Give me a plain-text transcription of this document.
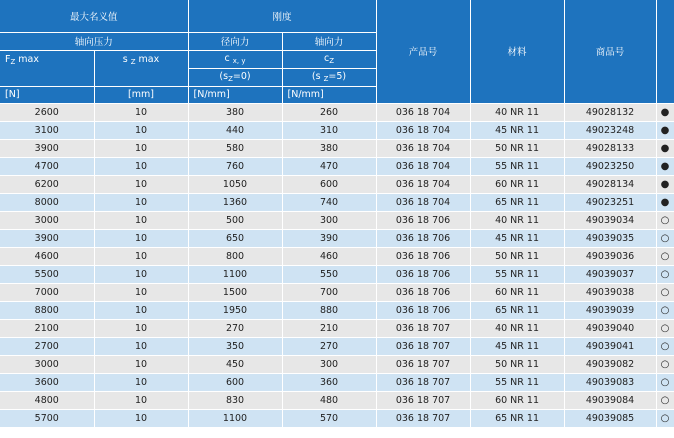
最大名义值		刚度		产品号	材料	商品号	
轴向压力		径向力	轴向力				
$F_Z$ max	s $_Z$ max	c $_{x, y}$	$c_Z$
		$(s_Z=0)$	(s $_Z$=5)				
[N]	[mm]	[N/mm]	[N/mm]				
2600	10	380	260	036 18 704	40 NR 11	49028132	●
3100	10	440	310	036 18 704	45 NR 11	49023248	●
3900	10	580	380	036 18 704	50 NR 11	49028133	●
4700	10	760	470	036 18 704	55 NR 11	49023250	●
6200	10	1050	600	036 18 704	60 NR 11	49028134	●
8000	10	1360	740	036 18 704	65 NR 11	49023251	●
3000	10	500	300	036 18 706	40 NR 11	49039034	○
3900	10	650	390	036 18 706	45 NR 11	49039035	○
4600	10	800	460	036 18 706	50 NR 11	49039036	○
5500	10	1100	550	036 18 706	55 NR 11	49039037	○
7000	10	1500	700	036 18 706	60 NR 11	49039038	○
8800	10	1950	880	036 18 706	65 NR 11	49039039	○
2100	10	270	210	036 18 707	40 NR 11	49039040	○
2700	10	350	270	036 18 707	45 NR 11	49039041	○
3000	10	450	300	036 18 707	50 NR 11	49039082	○
3600	10	600	360	036 18 707	55 NR 11	49039083	○
4800	10	830	480	036 18 707	60 NR 11	49039084	○
5700	10	1100	570	036 18 707	65 NR 11	49039085	○
